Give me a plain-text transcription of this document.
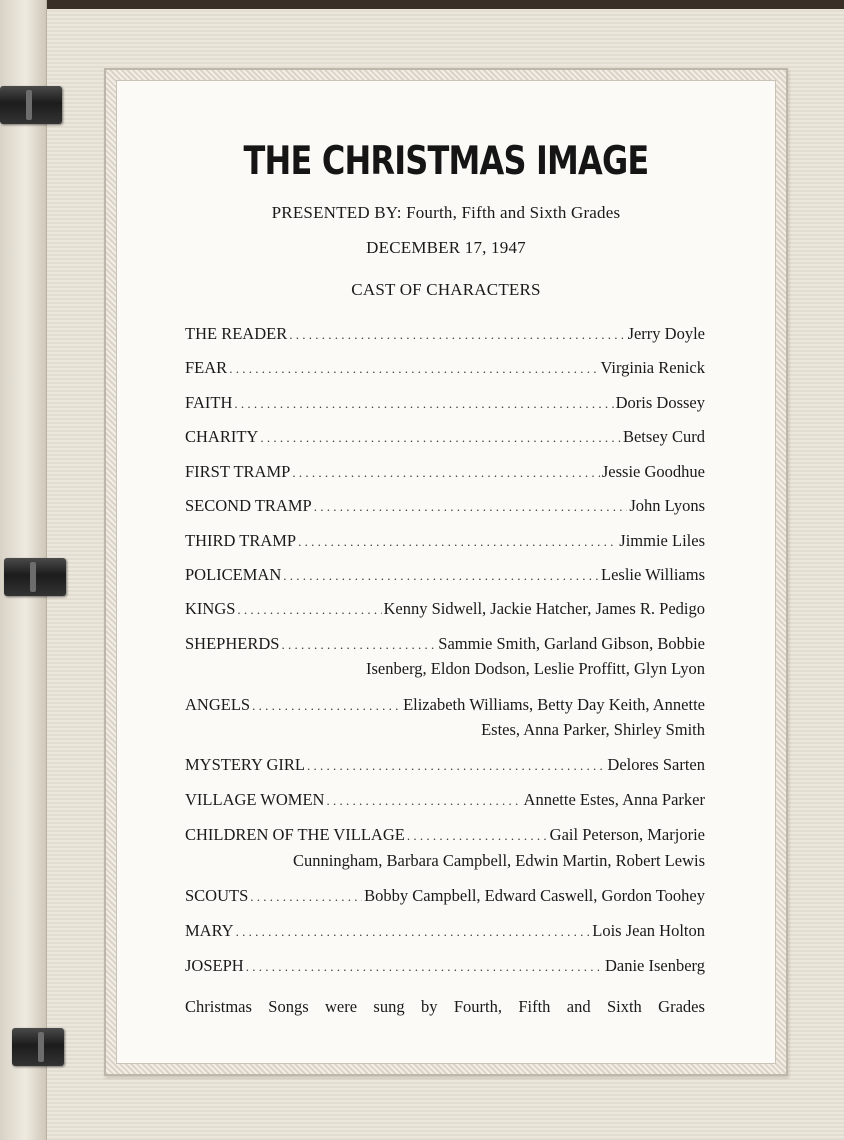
THE CHRISTMAS IMAGE
PRESENTED BY: Fourth, Fifth and Sixth Grades
DECEMBER 17, 1947
CAST OF CHARACTERS
THE READER . . .	Jerry Doyle
FEAR . . .	Virginia Renick
FAITH . . .	Doris Dossey
CHARITY . . .	Betsey Curd
FIRST TRAMP . . .	Jessie Goodhue
SECOND TRAMP . . .	John Lyons
THIRD TRAMP . . .	Jimmie Liles
POLICEMAN . . .	Leslie Williams
KINGS . . .	Kenny Sidwell, Jackie Hatcher, James R. Pedigo
SHEPHERDS . . .	Sammie Smith, Garland Gibson, Bobbie
Isenberg, Eldon Dodson, Leslie Proffitt, Glyn Lyon
ANGELS . . .	Elizabeth Williams, Betty Day Keith, Annette
Estes, Anna Parker, Shirley Smith
MYSTERY GIRL . . .	Delores Sarten
VILLAGE WOMEN . . .	Annette Estes, Anna Parker
CHILDREN OF THE VILLAGE . . .	Gail Peterson, Marjorie
Cunningham, Barbara Campbell, Edwin Martin, Robert Lewis
SCOUTS . . .	Bobby Campbell, Edward Caswell, Gordon Toohey
MARY . . .	Lois Jean Holton
JOSEPH . . .	Danie Isenberg
Christmas Songs were sung by Fourth, Fifth and Sixth Grades
